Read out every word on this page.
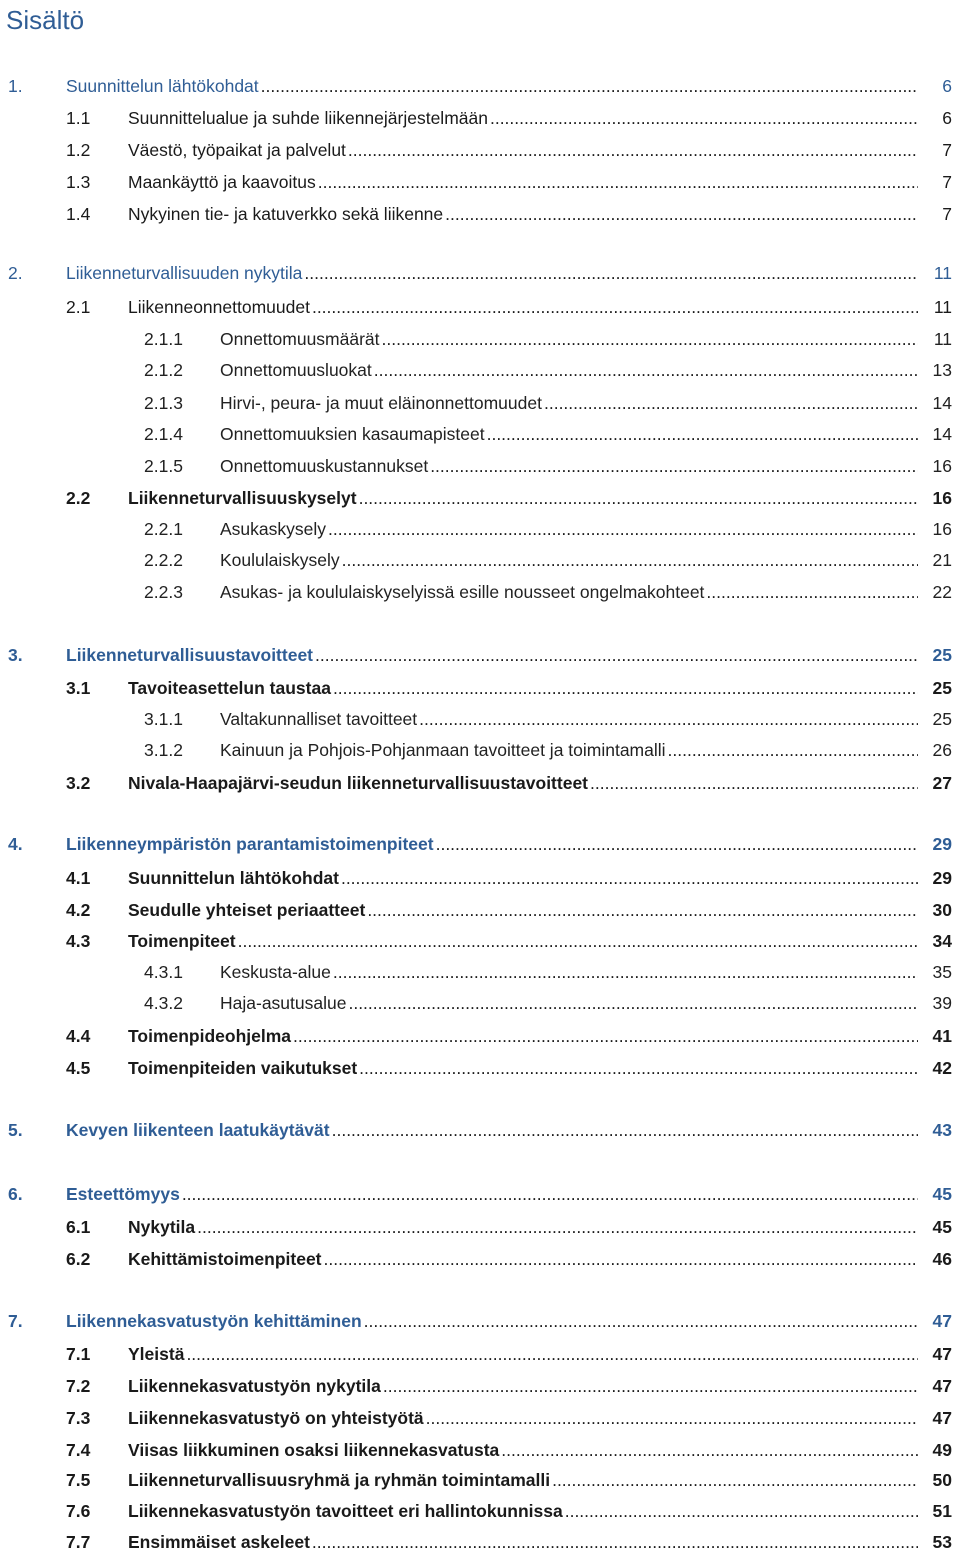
Sisältö
1. Suunnittelun lähtökohdat .....	6
1.1 Suunnittelualue ja suhde liikennejärjestelmään .....	6
1.2 Väestö, työpaikat ja palvelut .....	7
1.3 Maankäyttö ja kaavoitus .....	7
1.4 Nykyinen tie- ja katuverkko sekä liikenne .....	7
2. Liikenneturvallisuuden nykytila .....	11
2.1 Liikenneonnettomuudet .....	11
2.1.1 Onnettomuusmäärät .....	11
2.1.2 Onnettomuusluokat .....	13
2.1.3 Hirvi-, peura- ja muut eläinonnettomuudet .....	14
2.1.4 Onnettomuuksien kasaumapisteet .....	14
2.1.5 Onnettomuuskustannukset .....	16
2.2 Liikenneturvallisuuskyselyt .....	16
2.2.1 Asukaskysely .....	16
2.2.2 Koululaiskysely .....	21
2.2.3 Asukas- ja koululaiskyselyissä esille nousseet ongelmakohteet .....	22
3. Liikenneturvallisuustavoitteet .....	25
3.1 Tavoiteasettelun taustaa .....	25
3.1.1 Valtakunnalliset tavoitteet .....	25
3.1.2 Kainuun ja Pohjois-Pohjanmaan tavoitteet ja toimintamalli .....	26
3.2 Nivala-Haapajärvi-seudun liikenneturvallisuustavoitteet .....	27
4. Liikenneympäristön parantamistoimenpiteet .....	29
4.1 Suunnittelun lähtökohdat .....	29
4.2 Seudulle yhteiset periaatteet .....	30
4.3 Toimenpiteet .....	34
4.3.1 Keskusta-alue .....	35
4.3.2 Haja-asutusalue .....	39
4.4 Toimenpideohjelma .....	41
4.5 Toimenpiteiden vaikutukset .....	42
5. Kevyen liikenteen laatukäytävät .....	43
6. Esteettömyys .....	45
6.1 Nykytila .....	45
6.2 Kehittämistoimenpiteet .....	46
7. Liikennekasvatustyön kehittäminen .....	47
7.1 Yleistä .....	47
7.2 Liikennekasvatustyön nykytila .....	47
7.3 Liikennekasvatustyö on yhteistyötä .....	47
7.4 Viisas liikkuminen osaksi liikennekasvatusta .....	49
7.5 Liikenneturvallisuusryhmä ja ryhmän toimintamalli .....	50
7.6 Liikennekasvatustyön tavoitteet eri hallintokunnissa .....	51
7.7 Ensimmäiset askeleet .....	53
